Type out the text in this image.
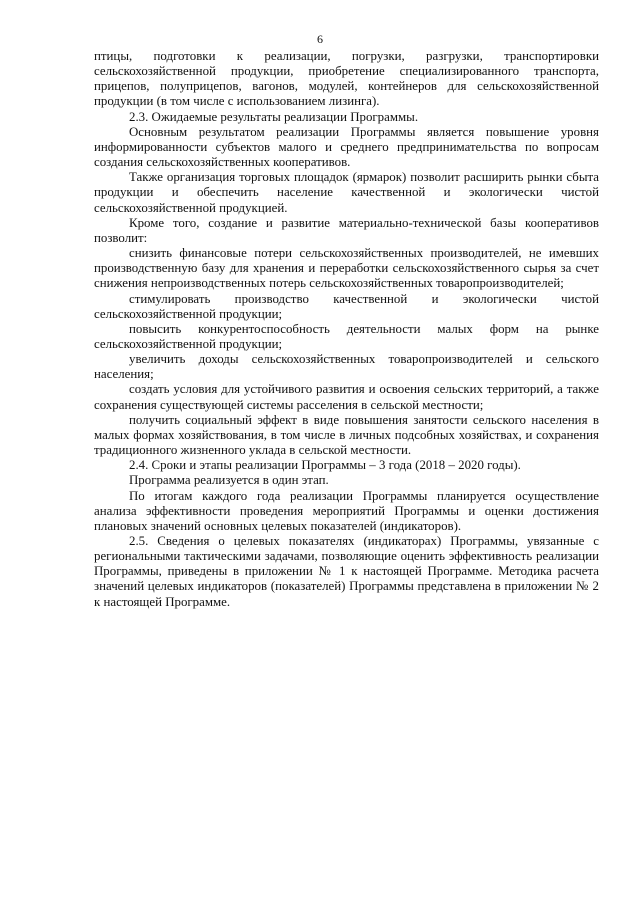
6

птицы, подготовки к реализации, погрузки, разгрузки, транспортировки сельскохозяйственной продукции, приобретение специализированного транспорта, прицепов, полуприцепов, вагонов, модулей, контейнеров для сельскохозяйственной продукции (в том числе с использованием лизинга).

2.3. Ожидаемые результаты реализации Программы.

Основным результатом реализации Программы является повышение уровня информированности субъектов малого и среднего предпринимательства по вопросам создания сельскохозяйственных кооперативов.

Также организация торговых площадок (ярмарок) позволит расширить рынки сбыта продукции и обеспечить население качественной и экологически чистой сельскохозяйственной продукцией.

Кроме того, создание и развитие материально-технической базы кооперативов позволит:

снизить финансовые потери сельскохозяйственных производителей, не имевших производственную базу для хранения и переработки сельскохозяйственного сырья за счет снижения непроизводственных потерь сельскохозяйственных товаропроизводителей;

стимулировать производство качественной и экологически чистой сельскохозяйственной продукции;

повысить конкурентоспособность деятельности малых форм на рынке сельскохозяйственной продукции;

увеличить доходы сельскохозяйственных товаропроизводителей и сельского населения;

создать условия для устойчивого развития и освоения сельских территорий, а также сохранения существующей системы расселения в сельской местности;

получить социальный эффект в виде повышения занятости сельского населения в малых формах хозяйствования, в том числе в личных подсобных хозяйствах, и сохранения традиционного жизненного уклада в сельской местности.

2.4. Сроки и этапы реализации Программы – 3 года (2018 – 2020 годы).

Программа реализуется в один этап.

По итогам каждого года реализации Программы планируется осуществление анализа эффективности проведения мероприятий Программы и оценки достижения плановых значений основных целевых показателей (индикаторов).

2.5. Сведения о целевых показателях (индикаторах) Программы, увязанные с региональными тактическими задачами, позволяющие оценить эффективность реализации Программы, приведены в приложении № 1 к настоящей Программе. Методика расчета значений целевых индикаторов (показателей) Программы представлена в приложении № 2 к настоящей Программе.
